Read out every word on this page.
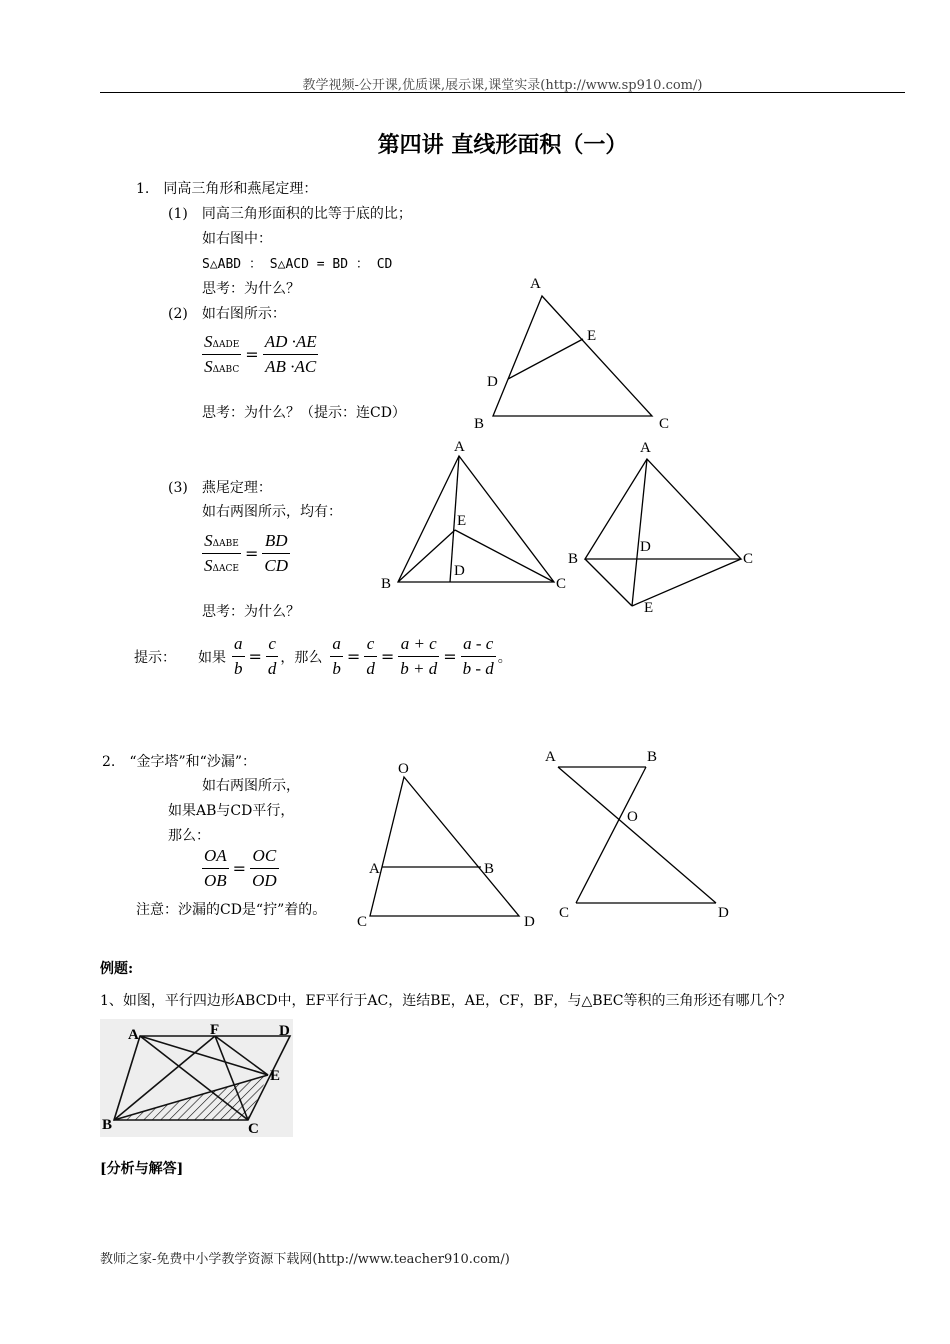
教学视频-公开课,优质课,展示课,课堂实录(http://www.sp910.com/)
第四讲 直线形面积（一）
1.　同高三角形和燕尾定理：
(1)　同高三角形面积的比等于底的比；
如右图中：
S△ABD ： S△ACD = BD ： CD
思考：为什么？
(2)　如右图所示：
SΔADE
SΔABC
= $\frac{AD \cdot AE}{AB \cdot AC}$
思考：为什么？（提示：连CD）
(3)　燕尾定理：
如右两图所示，均有：
SΔABE
SΔACE
= $\frac{BD}{CD}$
思考：为什么？
提示： 如果 $\frac{a}{b} = \frac{c}{d}$ ，那么 $\frac{a}{b} = \frac{c}{d} = \frac{a + c}{b + d} = \frac{a - c}{b - d}$ 。
2.　“金字塔”和“沙漏”：
如右两图所示，
如果AB与CD平行，
那么：
$\frac{OA}{OB} = \frac{OC}{OD}$
注意：沙漏的CD是“拧”着的。
例题:
1、如图，平行四边形ABCD中，EF平行于AC，连结BE，AE，CF，BF，与△BEC等积的三角形还有哪几个？
[分析与解答]
教师之家-免费中小学教学资源下载网(http://www.teacher910.com/)
A
E
D
B	C
A
E
D
B	C
A
D
B	C
E
O
A	B
C	D
A	B
O
C	D
A	F	D
E
B	C
